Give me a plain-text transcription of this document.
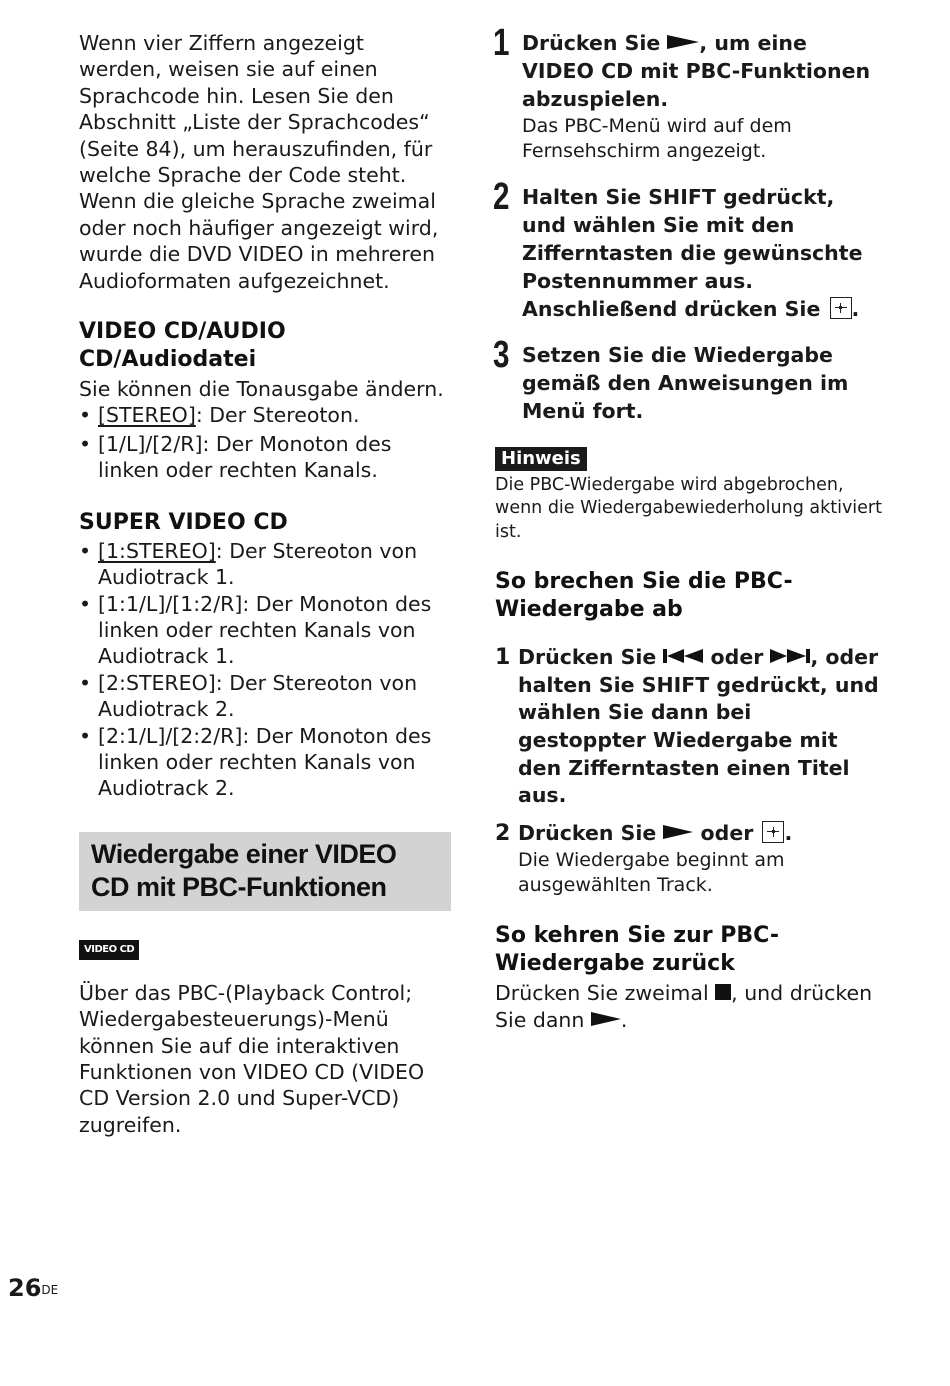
Wenn vier Ziffern angezeigt werden, weisen sie auf einen Sprachcode hin. Lesen Sie den Abschnitt „Liste der Sprachcodes“ (Seite 84), um herauszufinden, für welche Sprache der Code steht. Wenn die gleiche Sprache zweimal oder noch häufiger angezeigt wird, wurde die DVD VIDEO in mehreren Audioformaten aufgezeichnet.

VIDEO CD/AUDIO CD/Audiodatei

Sie können die Tonausgabe ändern.

• [STEREO]: Der Stereoton.
• [1/L]/[2/R]: Der Monoton des linken oder rechten Kanals.
SUPER VIDEO CD
• [1:STEREO]: Der Stereoton von Audiotrack 1.
• [1:1/L]/[1:2/R]: Der Monoton des linken oder rechten Kanals von Audiotrack 1.
• [2:STEREO]: Der Stereoton von Audiotrack 2.
• [2:1/L]/[2:2/R]: Der Monoton des linken oder rechten Kanals von Audiotrack 2.
Wiedergabe einer VIDEO CD mit PBC-Funktionen
VIDEO CD

Über das PBC-(Playback Control; Wiedergabesteuerungs)-Menü können Sie auf die interaktiven Funktionen von VIDEO CD (VIDEO CD Version 2.0 und Super-VCD) zugreifen.

1 Drücken Sie , um eine VIDEO CD mit PBC-Funktionen abzuspielen.

Das PBC-Menü wird auf dem Fernsehschirm angezeigt.

2 Halten Sie SHIFT gedrückt, und wählen Sie mit den Zifferntasten die gewünschte Postennummer aus. Anschließend drücken Sie
.

3 Setzen Sie die Wiedergabe gemäß den Anweisungen im Menü fort.

Hinweis

Die PBC-Wiedergabe wird abgebrochen, wenn die Wiedergabewiederholung aktiviert ist.

So brechen Sie die PBC-Wiedergabe ab
1 Drücken Sie  oder , oder halten Sie SHIFT gedrückt, und wählen Sie dann bei gestoppter Wiedergabe mit den Zifferntasten einen Titel aus.

2 Drücken Sie  oder
.

Die Wiedergabe beginnt am ausgewählten Track.

So kehren Sie zur PBC-Wiedergabe zurück

Drücken Sie zweimal , und drücken Sie dann .

26DE
